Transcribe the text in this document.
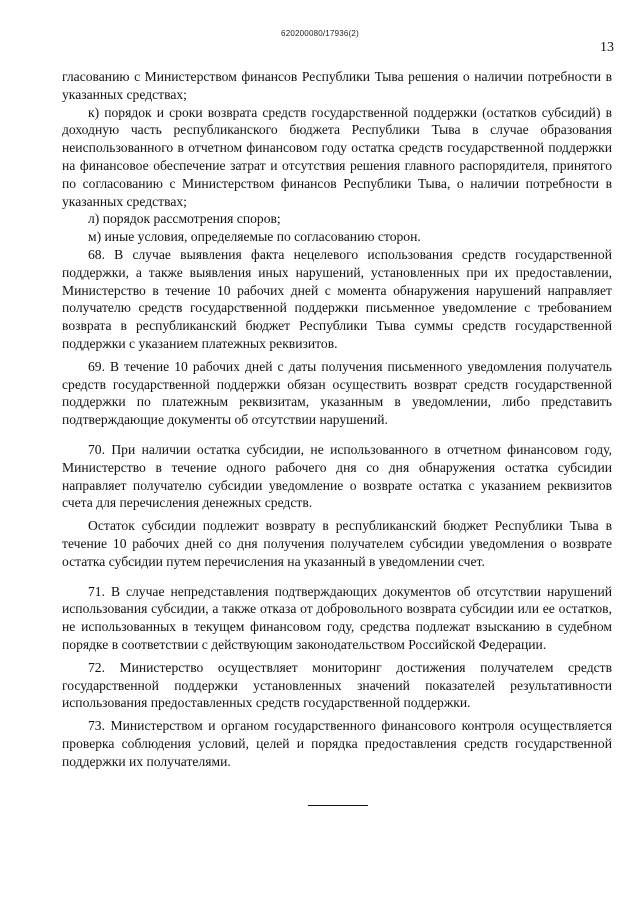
620200080/17936(2)
13

гласованию с Министерством финансов Республики Тыва решения о наличии потребности в указанных средствах;

к) порядок и сроки возврата средств государственной поддержки (остатков субсидий) в доходную часть республиканского бюджета Республики Тыва в случае образования неиспользованного в отчетном финансовом году остатка средств государственной поддержки на финансовое обеспечение затрат и отсутствия решения главного распорядителя, принятого по согласованию с Министерством финансов Республики Тыва, о наличии потребности в указанных средствах;

л) порядок рассмотрения споров;

м) иные условия, определяемые по согласованию сторон.

68. В случае выявления факта нецелевого использования средств государственной поддержки, а также выявления иных нарушений, установленных при их предоставлении, Министерство в течение 10 рабочих дней с момента обнаружения нарушений направляет получателю средств государственной поддержки письменное уведомление с требованием возврата в республиканский бюджет Республики Тыва суммы средств государственной поддержки с указанием платежных реквизитов.

69. В течение 10 рабочих дней с даты получения письменного уведомления получатель средств государственной поддержки обязан осуществить возврат средств государственной поддержки по платежным реквизитам, указанным в уведомлении, либо представить подтверждающие документы об отсутствии нарушений.

70. При наличии остатка субсидии, не использованного в отчетном финансовом году, Министерство в течение одного рабочего дня со дня обнаружения остатка субсидии направляет получателю субсидии уведомление о возврате остатка с указанием реквизитов счета для перечисления денежных средств.

Остаток субсидии подлежит возврату в республиканский бюджет Республики Тыва в течение 10 рабочих дней со дня получения получателем субсидии уведомления о возврате остатка субсидии путем перечисления на указанный в уведомлении счет.

71. В случае непредставления подтверждающих документов об отсутствии нарушений использования субсидии, а также отказа от добровольного возврата субсидии или ее остатков, не использованных в текущем финансовом году, средства подлежат взысканию в судебном порядке в соответствии с действующим законодательством Российской Федерации.

72. Министерство осуществляет мониторинг достижения получателем средств государственной поддержки установленных значений показателей результативности использования предоставленных средств государственной поддержки.

73. Министерством и органом государственного финансового контроля осуществляется проверка соблюдения условий, целей и порядка предоставления средств государственной поддержки их получателями.
